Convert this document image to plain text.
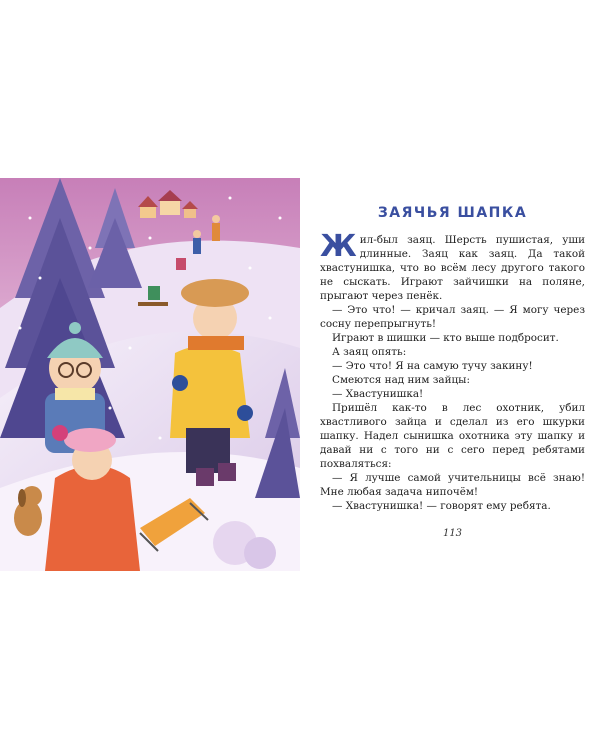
ЗАЯЧЬЯ ШАПКА

Жил-был заяц. Шерсть пушистая, уши длинные. Заяц как заяц. Да такой хвастунишка, что во всём лесу другого такого не сыскать. Играют зайчишки на поляне, прыгают через пенёк.

— Это что! — кричал заяц. — Я могу через сосну перепрыгнуть!

Играют в шишки — кто выше подбросит.

А заяц опять:

— Это что! Я на самую тучу закину!

Смеются над ним зайцы:

— Хвастунишка!

Пришёл как-то в лес охотник, убил хвастливого зайца и сделал из его шкурки шапку. Надел сынишка охотника эту шапку и давай ни с того ни с сего перед ребятами похваляться:

— Я лучше самой учительницы всё знаю! Мне любая задача нипочём!

— Хвастунишка! — говорят ему ребята.

113
